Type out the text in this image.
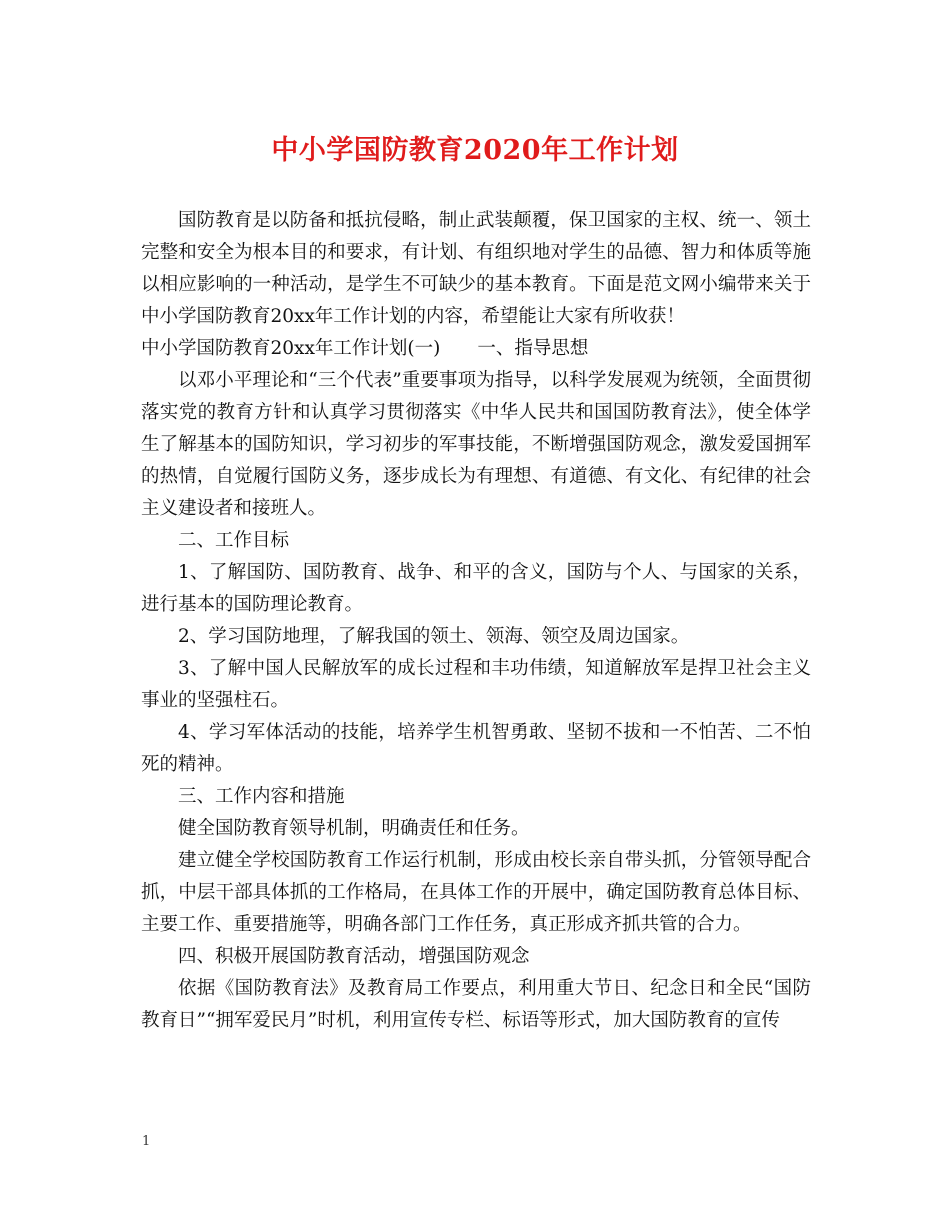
中小学国防教育2020年工作计划

国防教育是以防备和抵抗侵略，制止武装颠覆，保卫国家的主权、统一、领土完整和安全为根本目的和要求，有计划、有组织地对学生的品德、智力和体质等施以相应影响的一种活动，是学生不可缺少的基本教育。下面是范文网小编带来关于中小学国防教育20xx年工作计划的内容，希望能让大家有所收获！

中小学国防教育20xx年工作计划(一)　　一、指导思想

以邓小平理论和“三个代表”重要事项为指导，以科学发展观为统领，全面贯彻落实党的教育方针和认真学习贯彻落实《中华人民共和国国防教育法》，使全体学生了解基本的国防知识，学习初步的军事技能，不断增强国防观念，激发爱国拥军的热情，自觉履行国防义务，逐步成长为有理想、有道德、有文化、有纪律的社会主义建设者和接班人。

二、工作目标

1、了解国防、国防教育、战争、和平的含义，国防与个人、与国家的关系，进行基本的国防理论教育。

2、学习国防地理，了解我国的领土、领海、领空及周边国家。

3、了解中国人民解放军的成长过程和丰功伟绩，知道解放军是捍卫社会主义事业的坚强柱石。

4、学习军体活动的技能，培养学生机智勇敢、坚韧不拔和一不怕苦、二不怕死的精神。

三、工作内容和措施

健全国防教育领导机制，明确责任和任务。

建立健全学校国防教育工作运行机制，形成由校长亲自带头抓，分管领导配合抓，中层干部具体抓的工作格局，在具体工作的开展中，确定国防教育总体目标、主要工作、重要措施等，明确各部门工作任务，真正形成齐抓共管的合力。

四、积极开展国防教育活动，增强国防观念

依据《国防教育法》及教育局工作要点，利用重大节日、纪念日和全民“国防教育日”“拥军爱民月”时机，利用宣传专栏、标语等形式，加大国防教育的宣传

1
